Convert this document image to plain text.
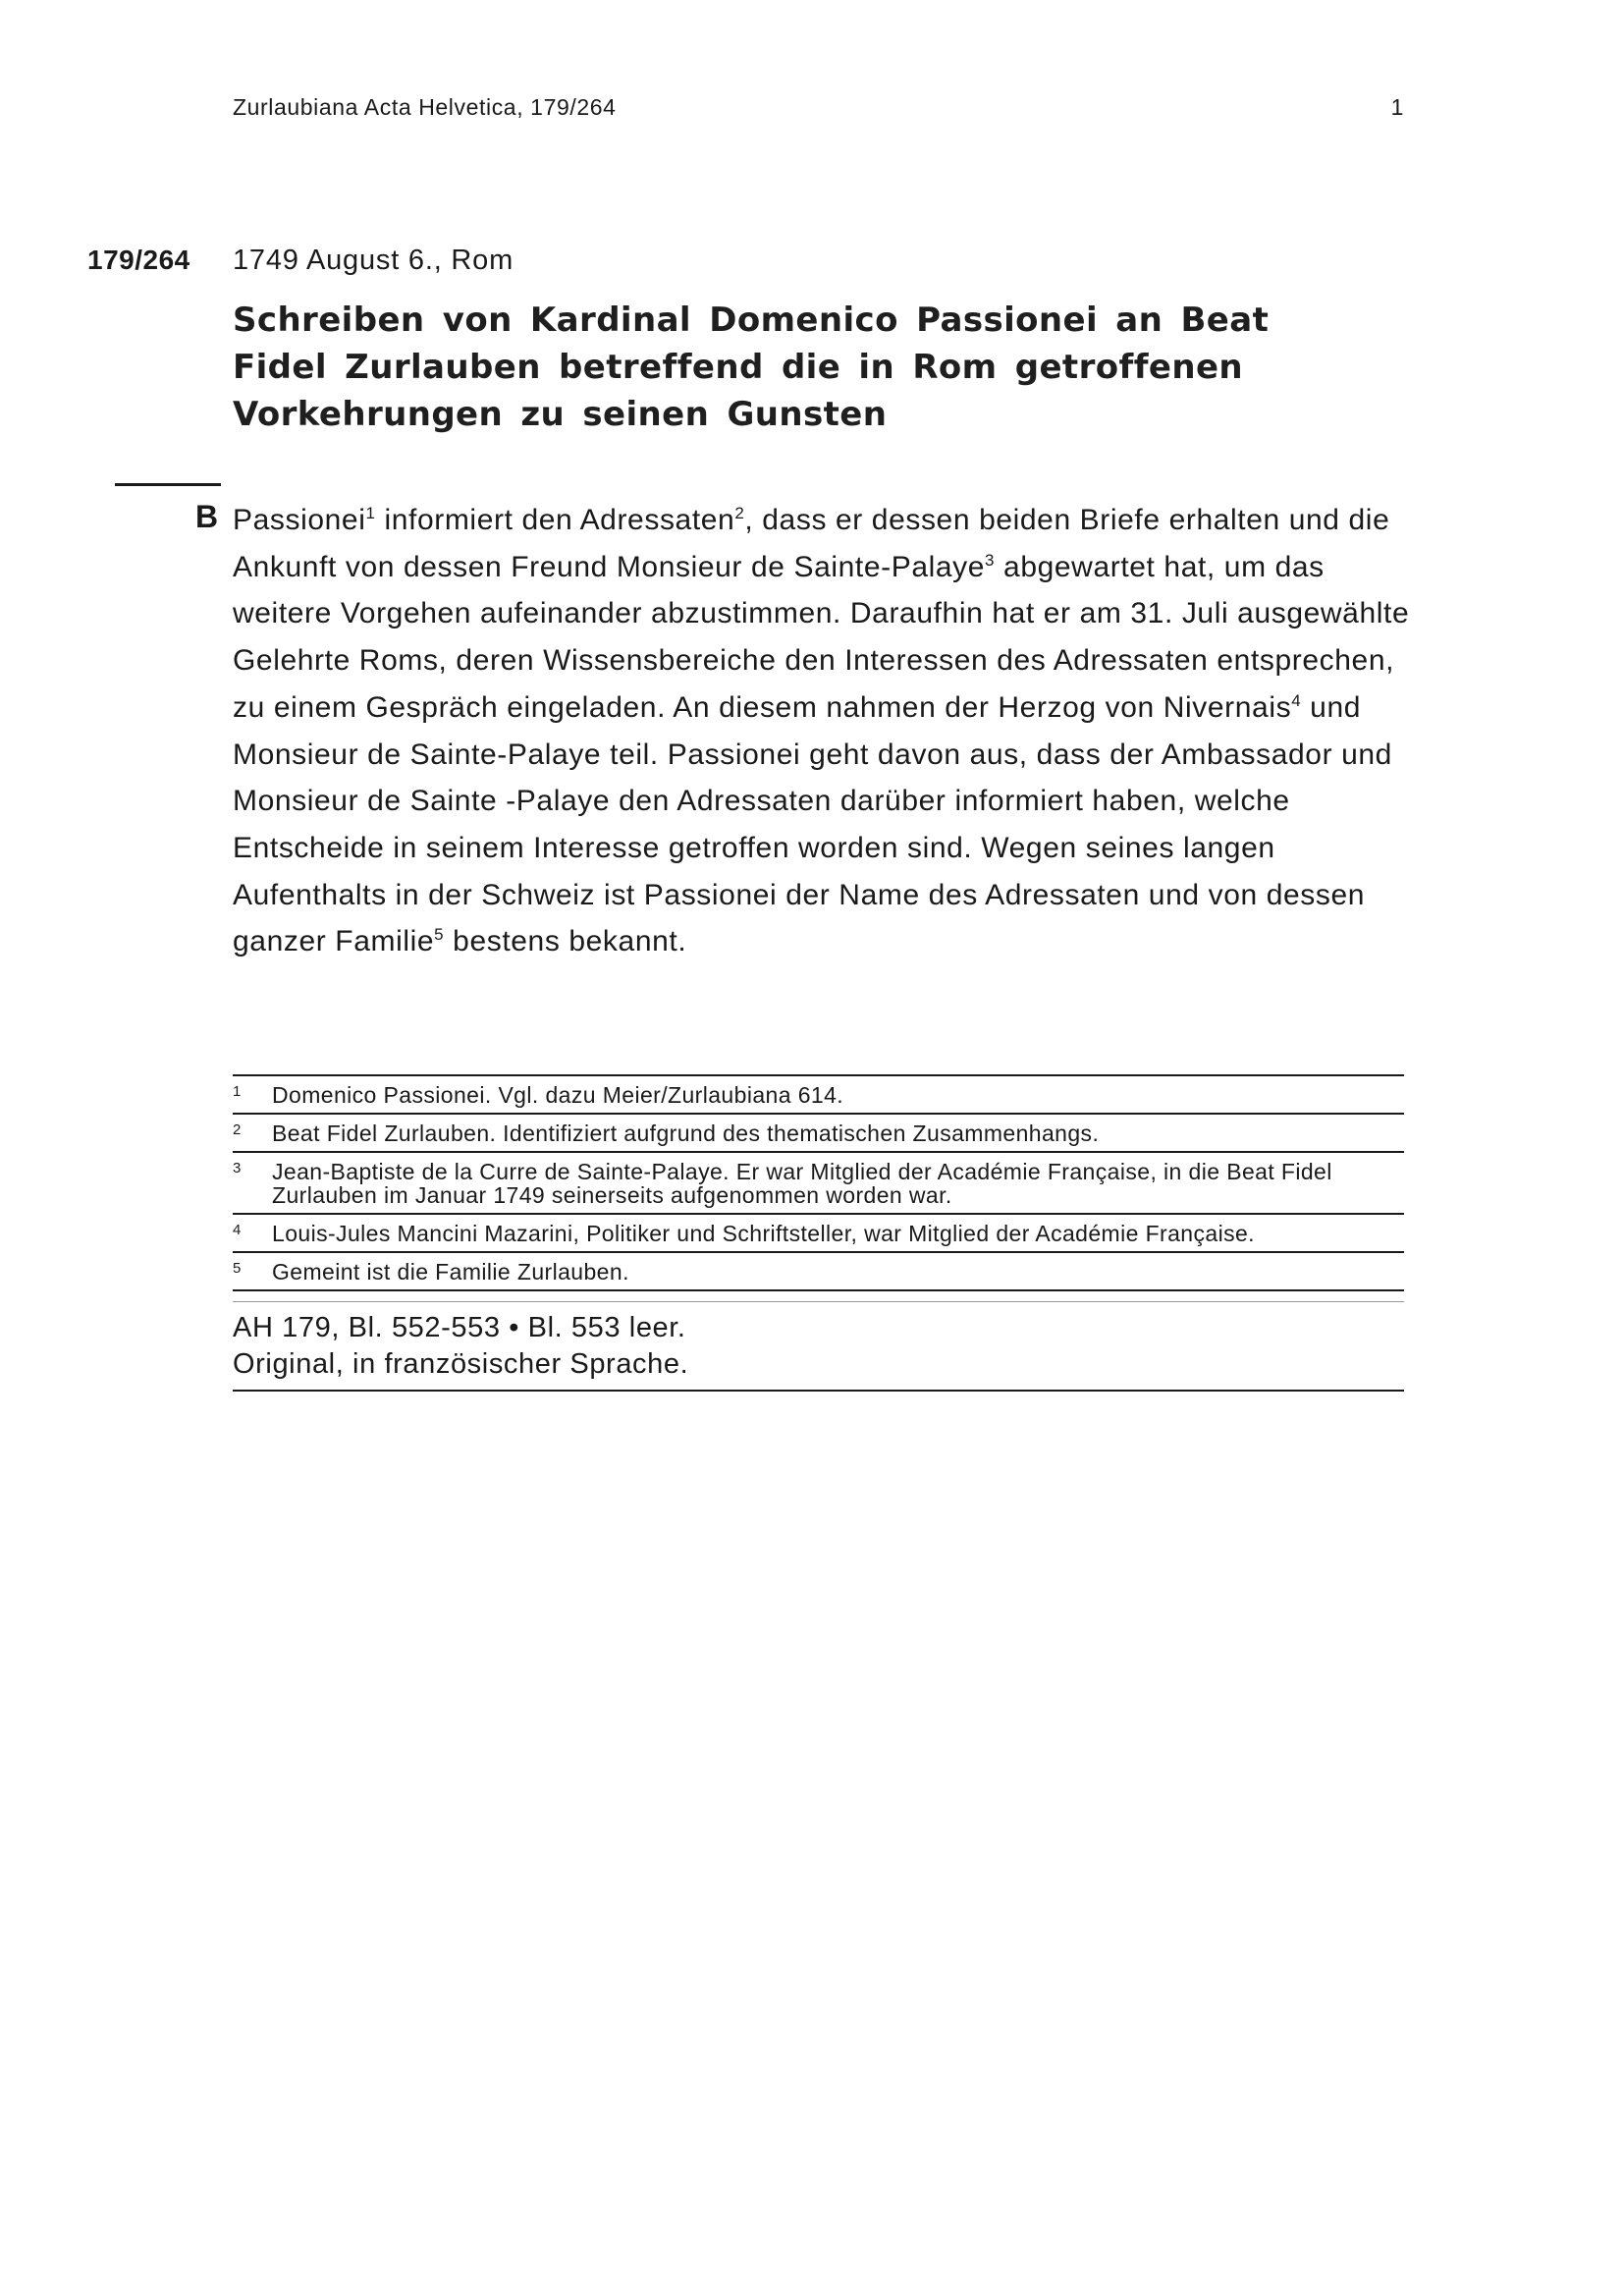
Zurlaubiana Acta Helvetica, 179/264	1
179/264 1749 August 6., Rom
Schreiben von Kardinal Domenico Passionei an Beat Fidel Zurlauben betreffend die in Rom getroffenen Vorkehrungen zu seinen Gunsten
B Passionei$^1$ informiert den Adressaten$^2$, dass er dessen beiden Briefe erhalten und die Ankunft von dessen Freund Monsieur de Sainte-Palaye$^3$ abgewartet hat, um das weitere Vorgehen aufeinander abzustimmen. Daraufhin hat er am 31. Juli ausgewählte Gelehrte Roms, deren Wissensbereiche den Interessen des Adressaten entsprechen, zu einem Gespräch eingeladen. An diesem nahmen der Herzog von Nivernais$^4$ und Monsieur de Sainte-Palaye teil. Passionei geht davon aus, dass der Ambassador und Monsieur de Sainte -Palaye den Adressaten darüber informiert haben, welche Entscheide in seinem Interesse getroffen worden sind. Wegen seines langen Aufenthalts in der Schweiz ist Passionei der Name des Adressaten und von dessen ganzer Familie$^5$ bestens bekannt.

1 Domenico Passionei. Vgl. dazu Meier/Zurlaubiana 614.
2 Beat Fidel Zurlauben. Identifiziert aufgrund des thematischen Zusammenhangs.
3 Jean-Baptiste de la Curre de Sainte-Palaye. Er war Mitglied der Académie Française, in die Beat Fidel Zurlauben im Januar 1749 seinerseits aufgenommen worden war.
4 Louis-Jules Mancini Mazarini, Politiker und Schriftsteller, war Mitglied der Académie Française.
5 Gemeint ist die Familie Zurlauben.
AH 179, Bl. 552-553 • Bl. 553 leer.
Original, in französischer Sprache.
